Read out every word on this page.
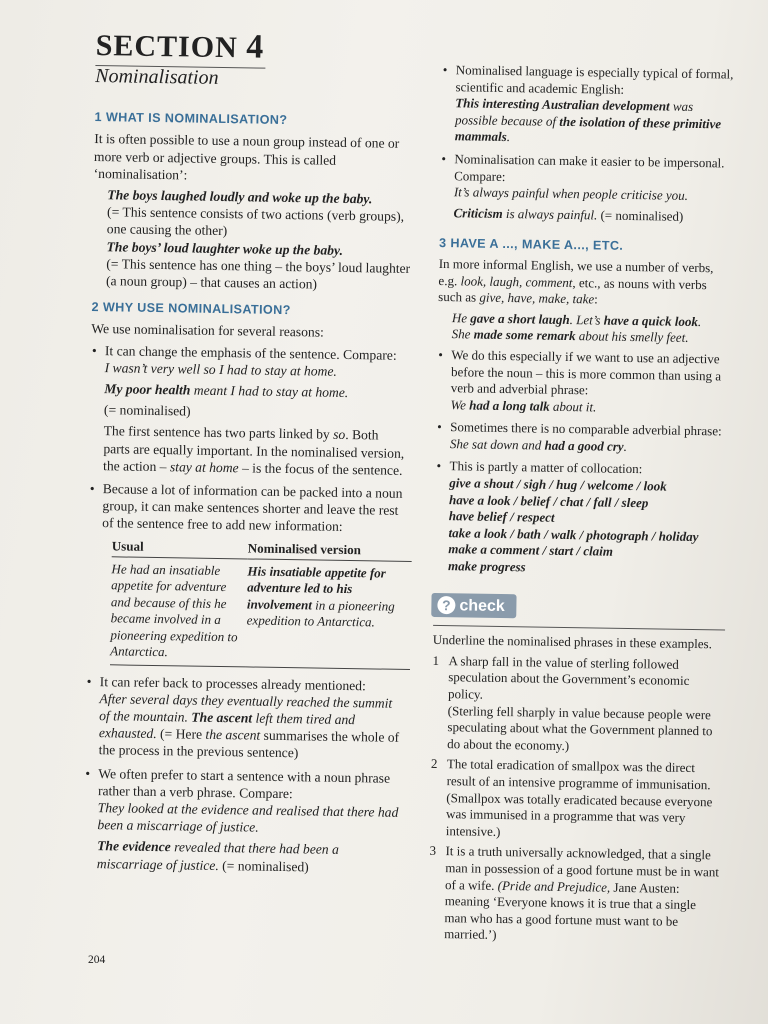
SECTION 4
Nominalisation
1 WHAT IS NOMINALISATION?

It is often possible to use a noun group instead of one or more verb or adjective groups. This is called ‘nominalisation’:

The boys laughed loudly and woke up the baby.

(= This sentence consists of two actions (verb groups), one causing the other)

The boys’ loud laughter woke up the baby.

(= This sentence has one thing – the boys’ loud laughter (a noun group) – that causes an action)

2 WHY USE NOMINALISATION?

We use nominalisation for several reasons:

• It can change the emphasis of the sentence. Compare:

I wasn’t very well so I had to stay at home.

My poor health meant I had to stay at home.

(= nominalised)

The first sentence has two parts linked by so. Both parts are equally important. In the nominalised version, the action – stay at home – is the focus of the sentence.

• Because a lot of information can be packed into a noun group, it can make sentences shorter and leave the rest of the sentence free to add new information:
Usual	Nominalised version
He had an insatiable appetite for adventure and because of this he became involved in a pioneering expedition to Antarctica.	His insatiable appetite for adventure led to his involvement in a pioneering expedition to Antarctica.
• It can refer back to processes already mentioned:

After several days they eventually reached the summit of the mountain. The ascent left them tired and exhausted. (= Here the ascent summarises the whole of the process in the previous sentence)

• We often prefer to start a sentence with a noun phrase rather than a verb phrase. Compare:

They looked at the evidence and realised that there had been a miscarriage of justice.

The evidence revealed that there had been a miscarriage of justice. (= nominalised)

• Nominalised language is especially typical of formal, scientific and academic English:

This interesting Australian development was possible because of the isolation of these primitive mammals.

• Nominalisation can make it easier to be impersonal. Compare:

It’s always painful when people criticise you.

Criticism is always painful. (= nominalised)

3 HAVE A ..., MAKE A..., ETC.

In more informal English, we use a number of verbs, e.g. look, laugh, comment, etc., as nouns with verbs such as give, have, make, take:

He gave a short laugh. Let’s have a quick look.

She made some remark about his smelly feet.

• We do this especially if we want to use an adjective before the noun – this is more common than using a verb and adverbial phrase:

We had a long talk about it.

• Sometimes there is no comparable adverbial phrase:

She sat down and had a good cry.

• This is partly a matter of collocation:

give a shout / sigh / hug / welcome / look

have a look / belief / chat / fall / sleep

have belief / respect

take a look / bath / walk / photograph / holiday

make a comment / start / claim

make progress

? check

Underline the nominalised phrases in these examples.

1 A sharp fall in the value of sterling followed speculation about the Government’s economic policy.
(Sterling fell sharply in value because people were speculating about what the Government planned to do about the economy.)
2 The total eradication of smallpox was the direct result of an intensive programme of immunisation.
(Smallpox was totally eradicated because everyone was immunised in a programme that was very intensive.)
3 It is a truth universally acknowledged, that a single man in possession of a good fortune must be in want of a wife. (Pride and Prejudice, Jane Austen: meaning ‘Everyone knows it is true that a single man who has a good fortune must want to be married.’)
204
